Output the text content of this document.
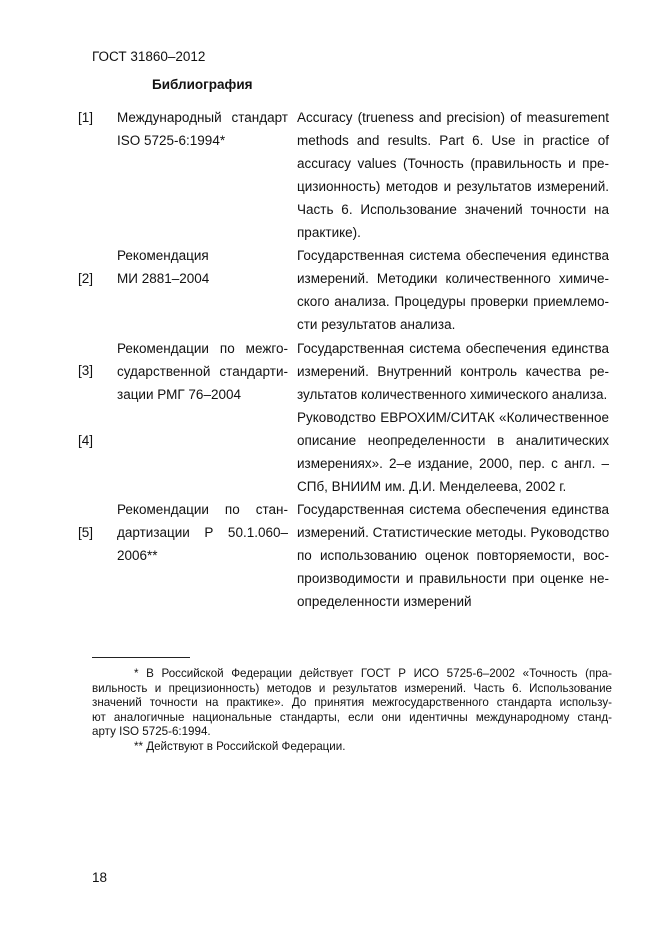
ГОСТ 31860–2012
Библиография
[1] Международный стандарт
ISO 5725-6:1994*
Accuracy (trueness and precision) of measurement
methods and results. Part 6. Use in practice of
accuracy values (Точность (правильность и пре-
цизионность) методов и результатов измерений.
Часть 6. Использование значений точности на
практике).
[2]
Рекомендация
МИ 2881–2004
Государственная система обеспечения единства
измерений. Методики количественного химиче-
ского анализа. Процедуры проверки приемлемо-
сти результатов анализа.
[3]
Рекомендации по межго-
сударственной стандарти-
зации РМГ 76–2004
Государственная система обеспечения единства
измерений. Внутренний контроль качества ре-
зультатов количественного химического анализа.
[4]
Руководство ЕВРОХИМ/СИТАК «Количественное
описание неопределенности в аналитических
измерениях». 2–е издание, 2000, пер. с англ. –
СПб, ВНИИМ им. Д.И. Менделеева, 2002 г.
[5]
Рекомендации по стан-
дартизации Р 50.1.060–
2006**
Государственная система обеспечения единства
измерений. Статистические методы. Руководство
по использованию оценок повторяемости, вос-
производимости и правильности при оценке не-
определенности измерений
* В Российской Федерации действует ГОСТ Р ИСО 5725-6–2002 «Точность (пра-
вильность и прецизионность) методов и результатов измерений. Часть 6. Использование
значений точности на практике». До принятия межгосударственного стандарта использу-
ют аналогичные национальные стандарты, если они идентичны международному станд-
арту ISO 5725-6:1994.
** Действуют в Российской Федерации.
18
